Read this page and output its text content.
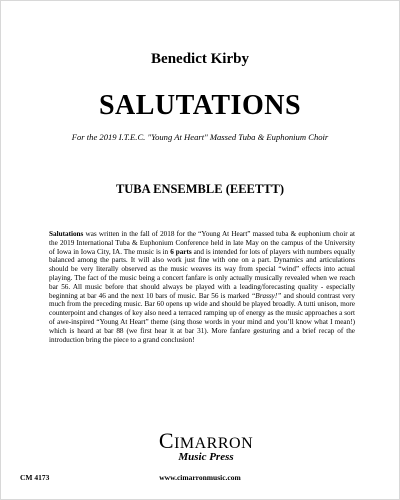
Benedict Kirby
SALUTATIONS
For the 2019 I.T.E.C. "Young At Heart" Massed Tuba & Euphonium Choir
TUBA ENSEMBLE (EEETTT)
Salutations was written in the fall of 2018 for the “Young At Heart” massed tuba & euphonium choir at the 2019 International Tuba & Euphonium Conference held in late May on the campus of the University of Iowa in Iowa City, IA. The music is in 6 parts and is intended for lots of players with numbers equally balanced among the parts. It will also work just fine with one on a part. Dynamics and articulations should be very literally observed as the music weaves its way from special “wind” effects into actual playing. The fact of the music being a concert fanfare is only actually musically revealed when we reach bar 56. All music before that should always be played with a leading/forecasting quality - especially beginning at bar 46 and the next 10 bars of music. Bar 56 is marked “Brassy!” and should contrast very much from the preceding music. Bar 60 opens up wide and should be played broadly. A tutti unison, more counterpoint and changes of key also need a terraced ramping up of energy as the music approaches a sort of awe-inspired “Young At Heart” theme (sing those words in your mind and you’ll know what I mean!) which is heard at bar 88 (we first hear it at bar 31). More fanfare gesturing and a brief recap of the introduction bring the piece to a grand conclusion!
CIMARRON
Music Press
CM 4173	www.cimarronmusic.com
